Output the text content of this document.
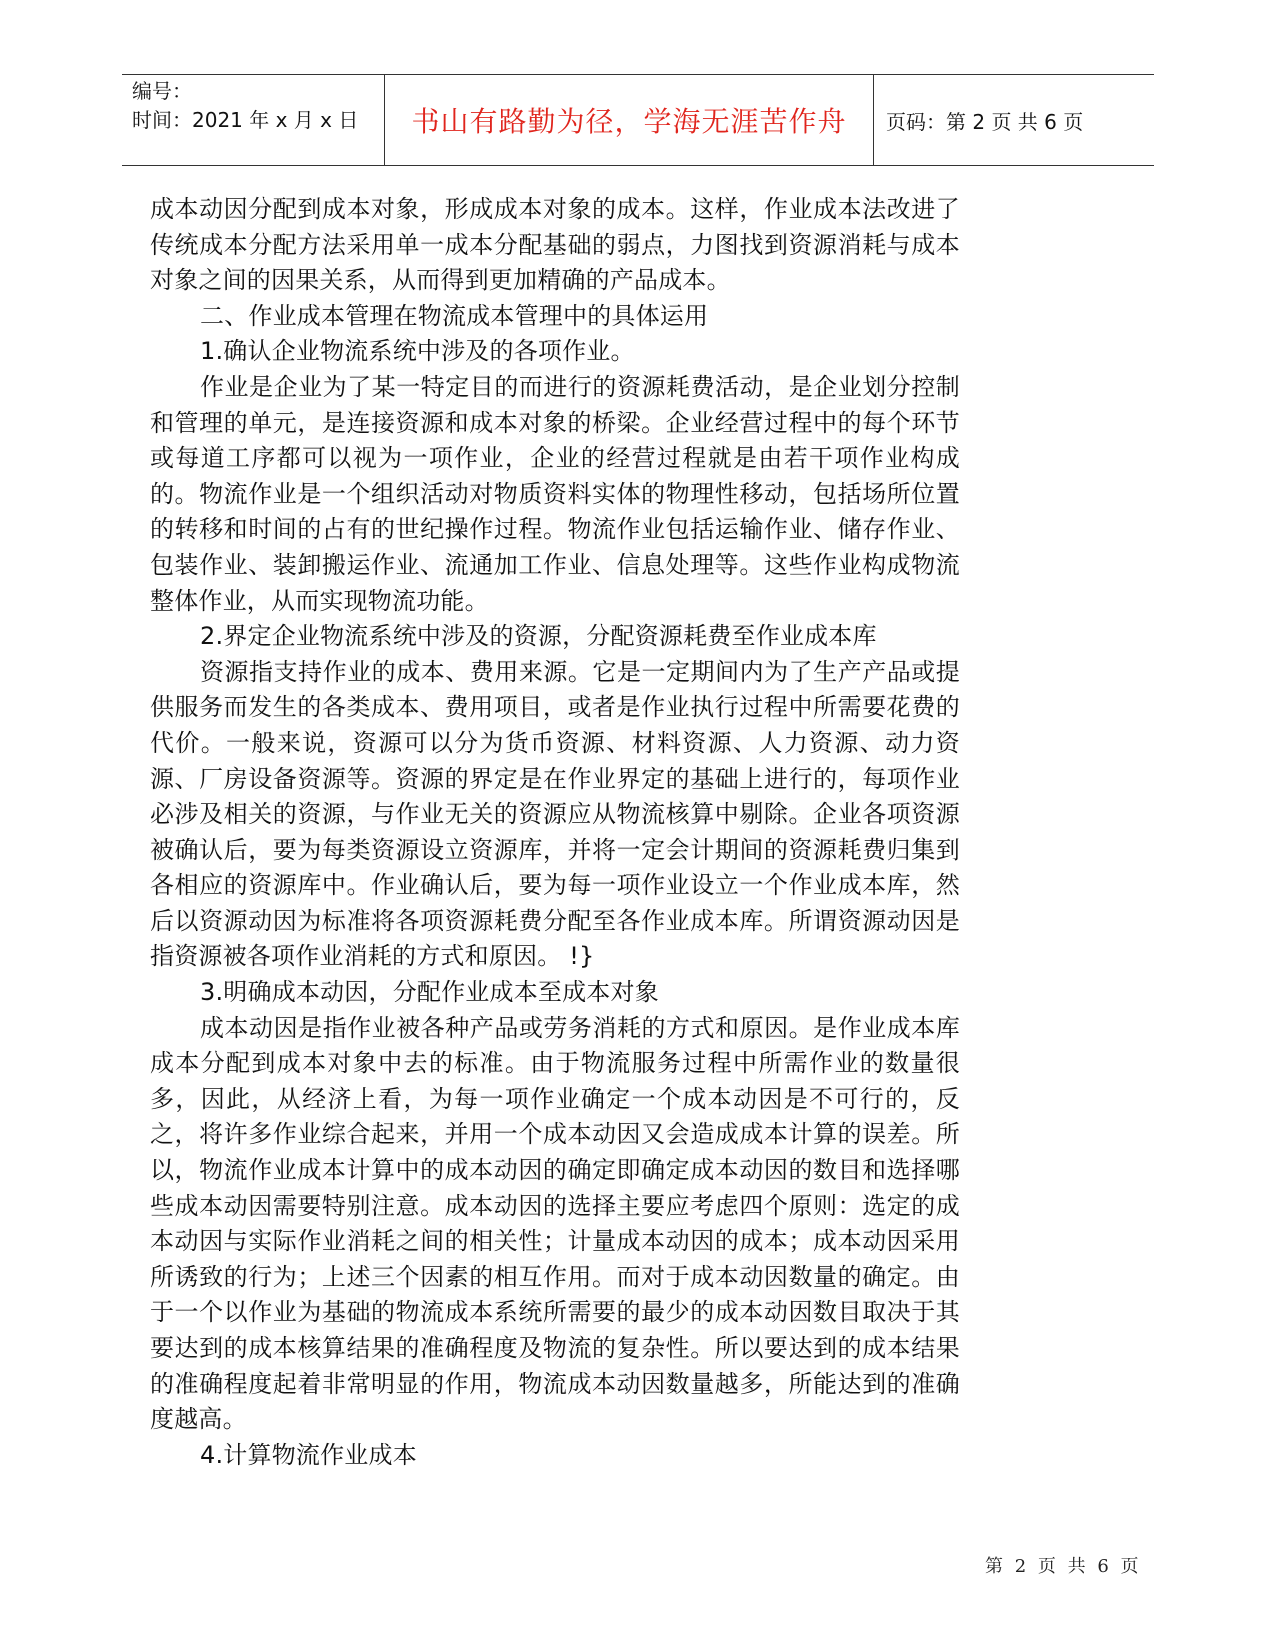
编号：
时间：2021 年 x 月 x 日	书山有路勤为径，学海无涯苦作舟	页码：第 2 页 共 6 页

成本动因分配到成本对象，形成成本对象的成本。这样，作业成本法改进了传统成本分配方法采用单一成本分配基础的弱点，力图找到资源消耗与成本对象之间的因果关系，从而得到更加精确的产品成本。

二、作业成本管理在物流成本管理中的具体运用

1.确认企业物流系统中涉及的各项作业。

作业是企业为了某一特定目的而进行的资源耗费活动，是企业划分控制和管理的单元，是连接资源和成本对象的桥梁。企业经营过程中的每个环节或每道工序都可以视为一项作业，企业的经营过程就是由若干项作业构成的。物流作业是一个组织活动对物质资料实体的物理性移动，包括场所位置的转移和时间的占有的世纪操作过程。物流作业包括运输作业、储存作业、包装作业、装卸搬运作业、流通加工作业、信息处理等。这些作业构成物流整体作业，从而实现物流功能。

2.界定企业物流系统中涉及的资源，分配资源耗费至作业成本库

资源指支持作业的成本、费用来源。它是一定期间内为了生产产品或提供服务而发生的各类成本、费用项目，或者是作业执行过程中所需要花费的代价。一般来说，资源可以分为货币资源、材料资源、人力资源、动力资源、厂房设备资源等。资源的界定是在作业界定的基础上进行的，每项作业必涉及相关的资源，与作业无关的资源应从物流核算中剔除。企业各项资源被确认后，要为每类资源设立资源库，并将一定会计期间的资源耗费归集到各相应的资源库中。作业确认后，要为每一项作业设立一个作业成本库，然后以资源动因为标准将各项资源耗费分配至各作业成本库。所谓资源动因是指资源被各项作业消耗的方式和原因。 !}

3.明确成本动因，分配作业成本至成本对象

成本动因是指作业被各种产品或劳务消耗的方式和原因。是作业成本库成本分配到成本对象中去的标准。由于物流服务过程中所需作业的数量很多，因此，从经济上看，为每一项作业确定一个成本动因是不可行的，反之，将许多作业综合起来，并用一个成本动因又会造成成本计算的误差。所以，物流作业成本计算中的成本动因的确定即确定成本动因的数目和选择哪些成本动因需要特别注意。成本动因的选择主要应考虑四个原则：选定的成本动因与实际作业消耗之间的相关性；计量成本动因的成本；成本动因采用所诱致的行为；上述三个因素的相互作用。而对于成本动因数量的确定。由于一个以作业为基础的物流成本系统所需要的最少的成本动因数目取决于其要达到的成本核算结果的准确程度及物流的复杂性。所以要达到的成本结果的准确程度起着非常明显的作用，物流成本动因数量越多，所能达到的准确度越高。

4.计算物流作业成本

第 2 页 共 6 页
